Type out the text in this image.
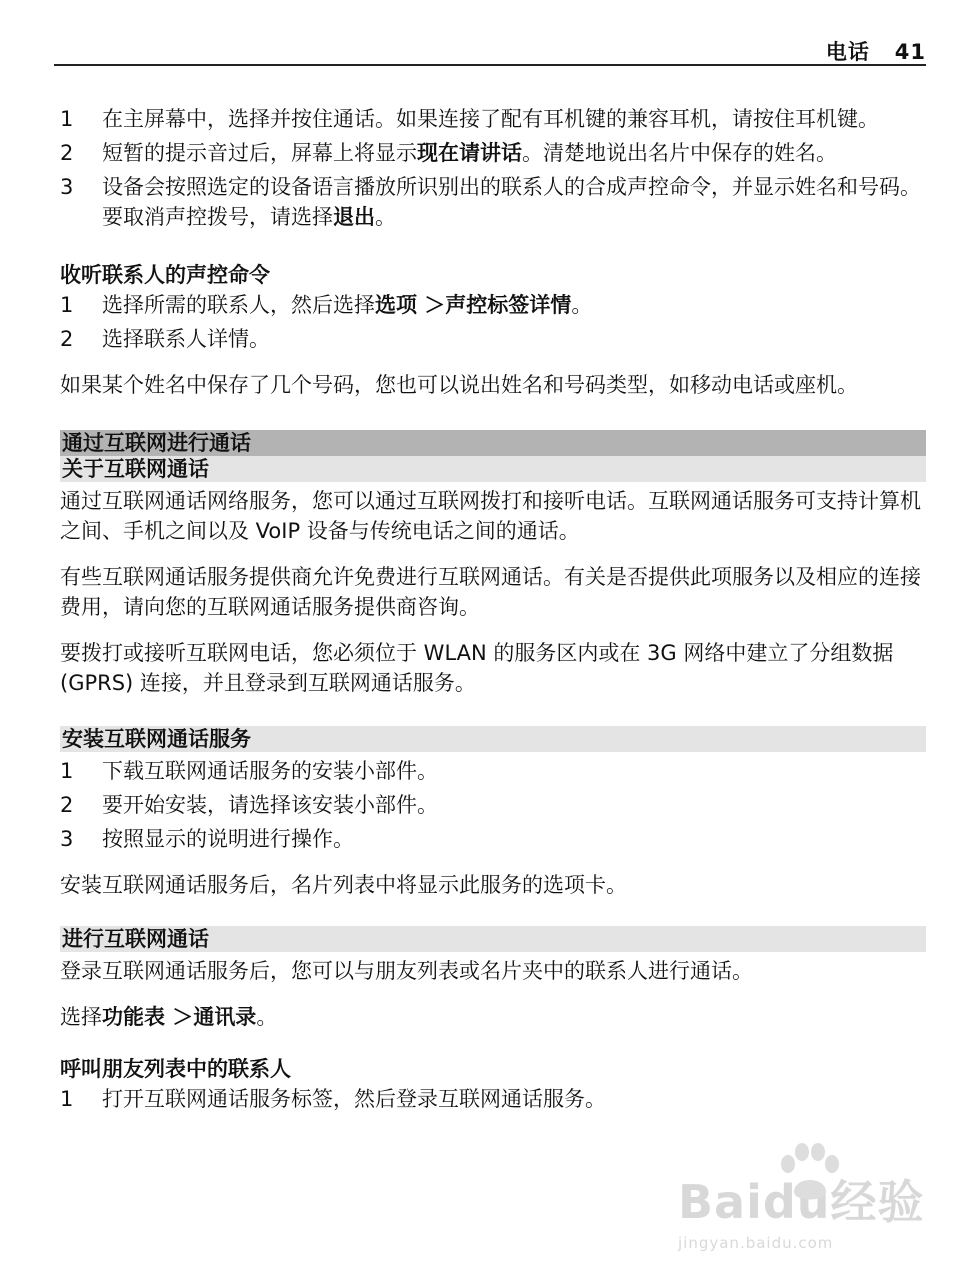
电话   41
1	在主屏幕中，选择并按住通话。如果连接了配有耳机键的兼容耳机，请按住耳机键。
2	短暂的提示音过后，屏幕上将显示现在请讲话。清楚地说出名片中保存的姓名。
3	设备会按照选定的设备语言播放所识别出的联系人的合成声控命令，并显示姓名和号码。要取消声控拨号，请选择退出。
收听联系人的声控命令
1	选择所需的联系人，然后选择选项 ＞声控标签详情。
2	选择联系人详情。

如果某个姓名中保存了几个号码，您也可以说出姓名和号码类型，如移动电话或座机。

通过互联网进行通话
关于互联网通话

通过互联网通话网络服务，您可以通过互联网拨打和接听电话。互联网通话服务可支持计算机之间、手机之间以及 VoIP 设备与传统电话之间的通话。

有些互联网通话服务提供商允许免费进行互联网通话。有关是否提供此项服务以及相应的连接费用，请向您的互联网通话服务提供商咨询。

要拨打或接听互联网电话，您必须位于 WLAN 的服务区内或在 3G 网络中建立了分组数据 (GPRS) 连接，并且登录到互联网通话服务。

安装互联网通话服务
1	下载互联网通话服务的安装小部件。
2	要开始安装，请选择该安装小部件。
3	按照显示的说明进行操作。

安装互联网通话服务后，名片列表中将显示此服务的选项卡。

进行互联网通话

登录互联网通话服务后，您可以与朋友列表或名片夹中的联系人进行通话。

选择功能表 ＞通讯录。

呼叫朋友列表中的联系人
1	打开互联网通话服务标签，然后登录互联网通话服务。
Baidu经验
jingyan.baidu.com
